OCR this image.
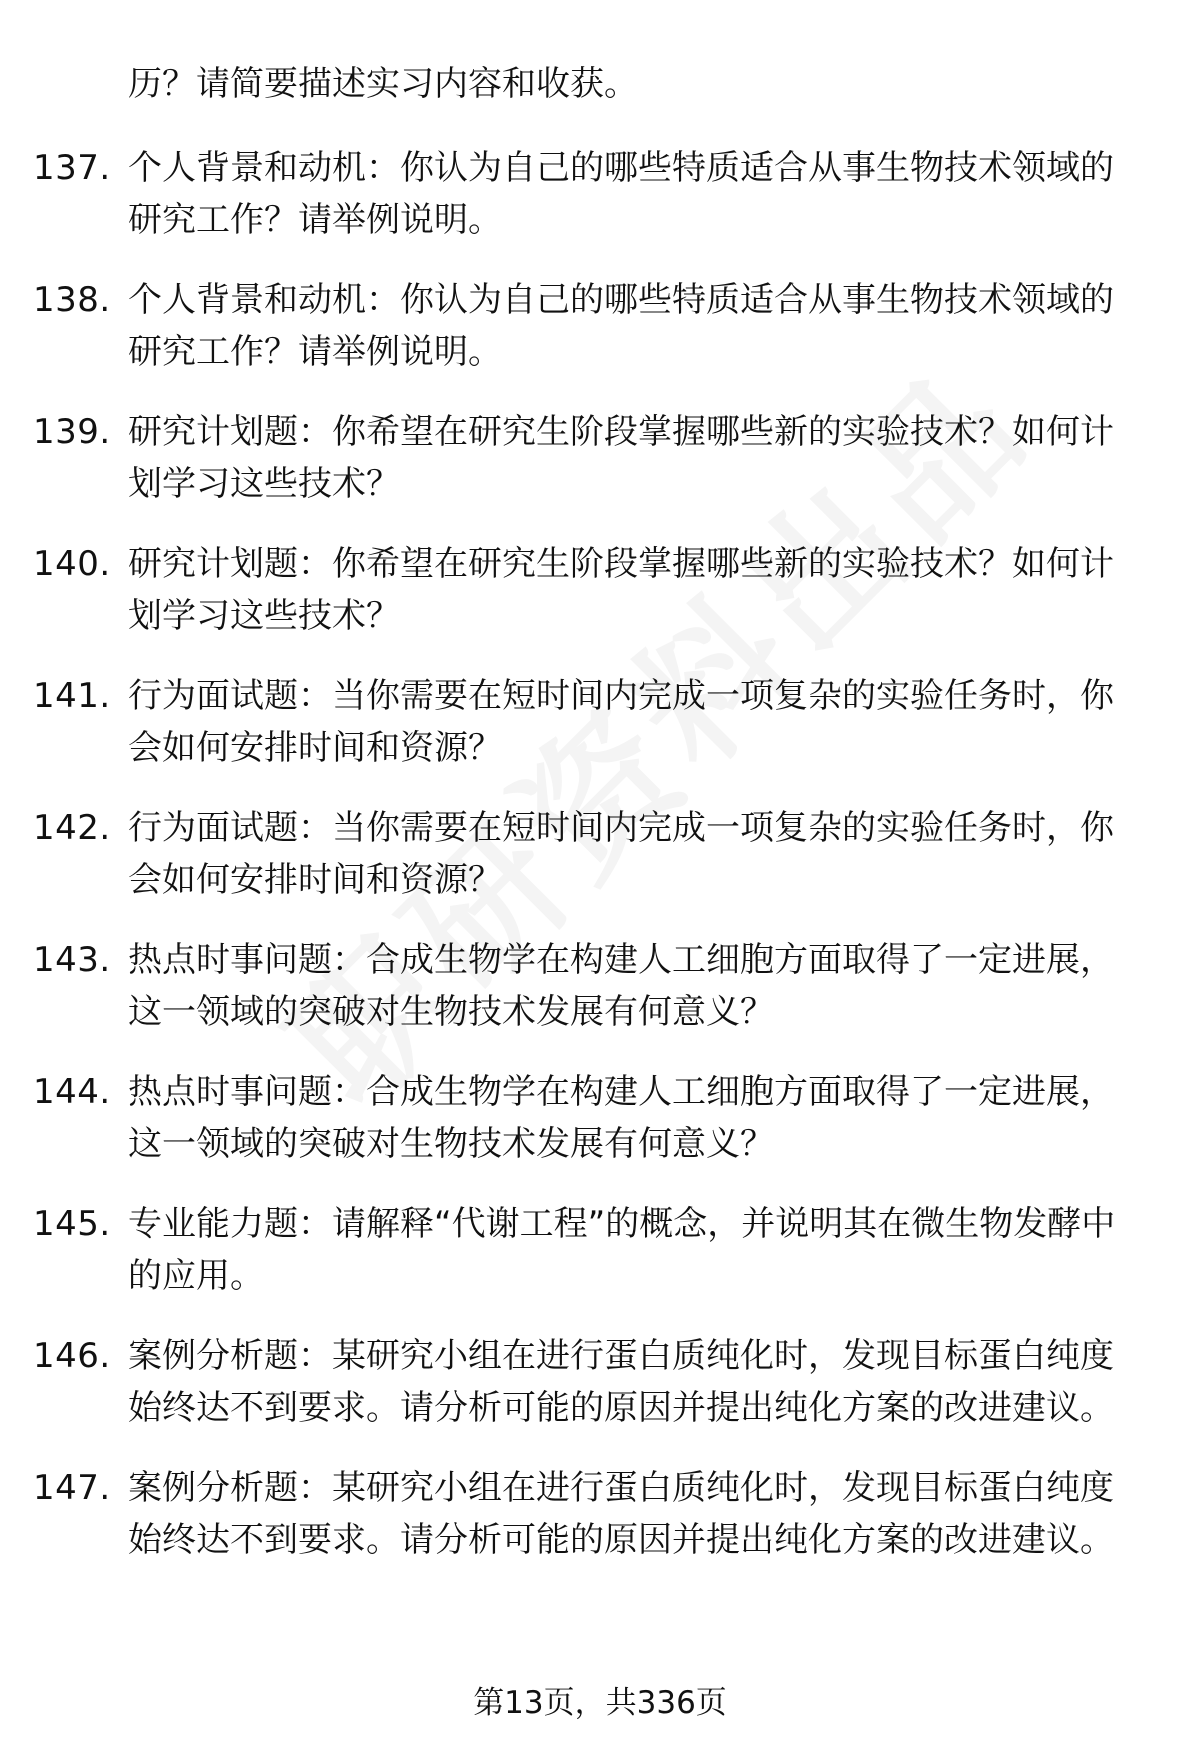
历？请简要描述实习内容和收获。
137. 个人背景和动机：你认为自己的哪些特质适合从事生物技术领域的研究工作？请举例说明。
138. 个人背景和动机：你认为自己的哪些特质适合从事生物技术领域的研究工作？请举例说明。
139. 研究计划题：你希望在研究生阶段掌握哪些新的实验技术？如何计划学习这些技术？
140. 研究计划题：你希望在研究生阶段掌握哪些新的实验技术？如何计划学习这些技术？
141. 行为面试题：当你需要在短时间内完成一项复杂的实验任务时，你会如何安排时间和资源？
142. 行为面试题：当你需要在短时间内完成一项复杂的实验任务时，你会如何安排时间和资源？
143. 热点时事问题：合成生物学在构建人工细胞方面取得了一定进展，这一领域的突破对生物技术发展有何意义？
144. 热点时事问题：合成生物学在构建人工细胞方面取得了一定进展，这一领域的突破对生物技术发展有何意义？
145. 专业能力题：请解释“代谢工程”的概念，并说明其在微生物发酵中的应用。
146. 案例分析题：某研究小组在进行蛋白质纯化时，发现目标蛋白纯度始终达不到要求。请分析可能的原因并提出纯化方案的改进建议。
147. 案例分析题：某研究小组在进行蛋白质纯化时，发现目标蛋白纯度始终达不到要求。请分析可能的原因并提出纯化方案的改进建议。
第13页，共336页
